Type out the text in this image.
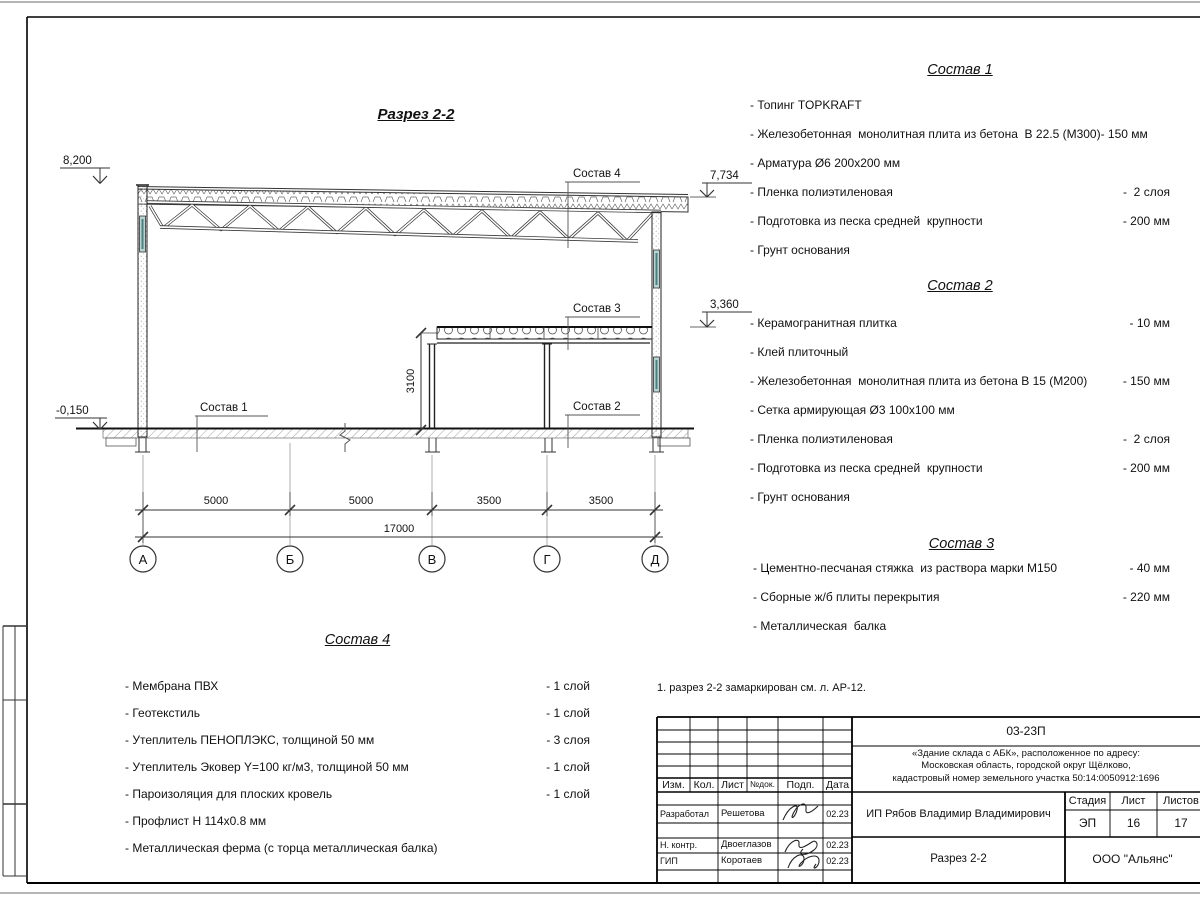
А	Б	В	Г	Д
8,200
-0,150
7,734
3,360
5000	5000	3500	3500
17000
3100
Состав 4
Состав 3
Состав 2
Состав 1
Разрез 2-2
Состав 1
- Топинг TOPKRAFT
- Железобетонная  монолитная плита из бетона  В 22.5 (М300)- 150 мм
- Арматура Ø6 200х200 мм
- Пленка полиэтиленовая	-  2 слоя
- Подготовка из песка средней  крупности	- 200 мм
- Грунт основания
Состав 2
- Керамогранитная плитка	- 10 мм
- Клей плиточный
- Железобетонная  монолитная плита из бетона В 15 (М200)	- 150 мм
- Сетка армирующая Ø3 100х100 мм
- Пленка полиэтиленовая	-  2 слоя
- Подготовка из песка средней  крупности	- 200 мм
- Грунт основания
Состав 3
- Цементно-песчаная стяжка  из раствора марки М150	- 40 мм
- Сборные ж/б плиты перекрытия	- 220 мм
- Металлическая  балка
Состав 4
- Мембрана ПВХ	- 1 слой
- Геотекстиль	- 1 слой
- Утеплитель ПЕНОПЛЭКС, толщиной 50 мм	- 3 слоя
- Утеплитель Эковер Y=100 кг/м3, толщиной 50 мм	- 1 слой
- Пароизоляция для плоских кровель	- 1 слой
- Профлист Н 114х0.8 мм
- Металлическая ферма (с торца металлическая балка)
1. разрез 2-2 замаркирован см. л. АР-12.
03-23П
«Здание склада с АБК», расположенное по адресу:
Московская область, городской округ Щёлково,
кадастровый номер земельного участка 50:14:0050912:1696
Изм. Кол. Лист №док.	Подп.	Дата
Разработал	Решетова	02.23
Н. контр.	Двоеглазов	02.23
ГИП	Коротаев	02.23
ИП Рябов Владимир Владимирович
Стадия	Лист	Листов
ЭП	16	17
Разрез 2-2	ООО "Альянс"
